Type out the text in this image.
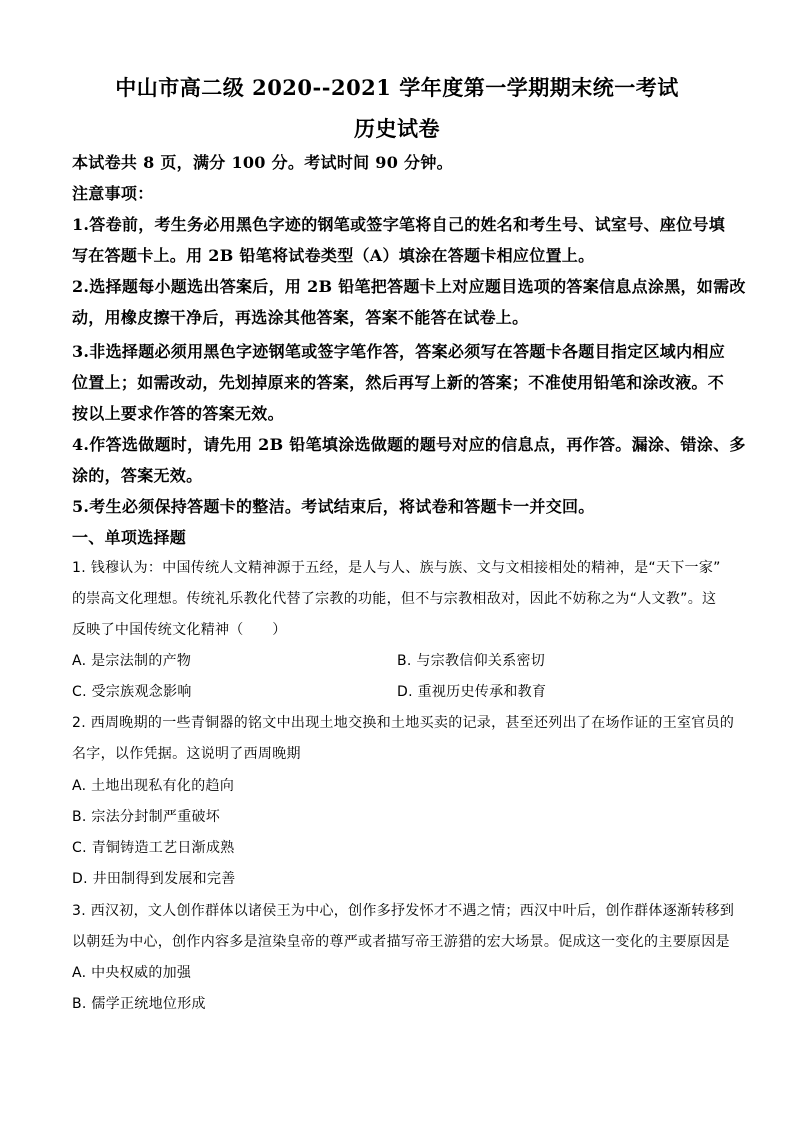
中山市高二级 2020--2021 学年度第一学期期末统一考试
历史试卷
本试卷共 8 页，满分 100 分。考试时间 90 分钟。
注意事项：
1.答卷前，考生务必用黑色字迹的钢笔或签字笔将自己的姓名和考生号、试室号、座位号填
写在答题卡上。用 2B 铅笔将试卷类型（A）填涂在答题卡相应位置上。
2.选择题每小题选出答案后，用 2B 铅笔把答题卡上对应题目选项的答案信息点涂黑，如需改
动，用橡皮擦干净后，再选涂其他答案，答案不能答在试卷上。
3.非选择题必须用黑色字迹钢笔或签字笔作答，答案必须写在答题卡各题目指定区域内相应
位置上；如需改动，先划掉原来的答案，然后再写上新的答案；不准使用铅笔和涂改液。不
按以上要求作答的答案无效。
4.作答选做题时，请先用 2B 铅笔填涂选做题的题号对应的信息点，再作答。漏涂、错涂、多
涂的，答案无效。
5.考生必须保持答题卡的整洁。考试结束后，将试卷和答题卡一并交回。
一、单项选择题
1. 钱穆认为：中国传统人文精神源于五经，是人与人、族与族、文与文相接相处的精神，是“天下一家”
的崇高文化理想。传统礼乐教化代替了宗教的功能，但不与宗教相敌对，因此不妨称之为“人文教”。这
反映了中国传统文化精神（　　）
A. 是宗法制的产物	B. 与宗教信仰关系密切
C. 受宗族观念影响	D. 重视历史传承和教育
2. 西周晚期的一些青铜器的铭文中出现土地交换和土地买卖的记录，甚至还列出了在场作证的王室官员的
名字，以作凭据。这说明了西周晚期
A. 土地出现私有化的趋向
B. 宗法分封制严重破坏
C. 青铜铸造工艺日渐成熟
D. 井田制得到发展和完善
3. 西汉初，文人创作群体以诸侯王为中心，创作多抒发怀才不遇之情；西汉中叶后，创作群体逐渐转移到
以朝廷为中心，创作内容多是渲染皇帝的尊严或者描写帝王游猎的宏大场景。促成这一变化的主要原因是
A. 中央权威的加强
B. 儒学正统地位形成
